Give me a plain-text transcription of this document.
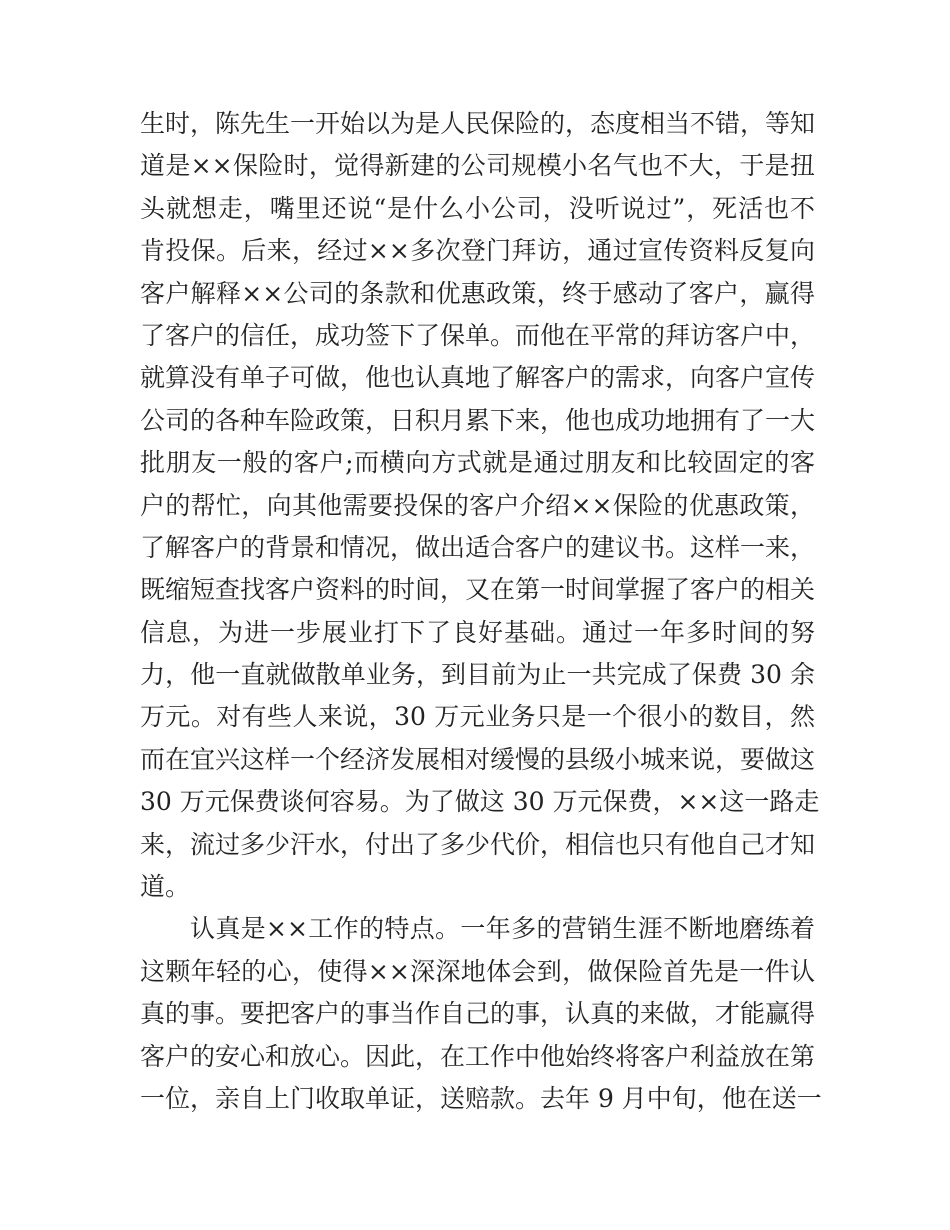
生时，陈先生一开始以为是人民保险的，态度相当不错，等知
道是××保险时，觉得新建的公司规模小名气也不大，于是扭
头就想走，嘴里还说“是什么小公司，没听说过”，死活也不
肯投保。后来，经过××多次登门拜访，通过宣传资料反复向
客户解释××公司的条款和优惠政策，终于感动了客户，赢得
了客户的信任，成功签下了保单。而他在平常的拜访客户中，
就算没有单子可做，他也认真地了解客户的需求，向客户宣传
公司的各种车险政策，日积月累下来，他也成功地拥有了一大
批朋友一般的客户;而横向方式就是通过朋友和比较固定的客
户的帮忙，向其他需要投保的客户介绍××保险的优惠政策，
了解客户的背景和情况，做出适合客户的建议书。这样一来，
既缩短查找客户资料的时间，又在第一时间掌握了客户的相关
信息，为进一步展业打下了良好基础。通过一年多时间的努
力，他一直就做散单业务，到目前为止一共完成了保费 30 余
万元。对有些人来说，30 万元业务只是一个很小的数目，然
而在宜兴这样一个经济发展相对缓慢的县级小城来说，要做这
30 万元保费谈何容易。为了做这 30 万元保费，××这一路走
来，流过多少汗水，付出了多少代价，相信也只有他自己才知
道。
认真是××工作的特点。一年多的营销生涯不断地磨练着
这颗年轻的心，使得××深深地体会到，做保险首先是一件认
真的事。要把客户的事当作自己的事，认真的来做，才能赢得
客户的安心和放心。因此，在工作中他始终将客户利益放在第
一位，亲自上门收取单证，送赔款。去年 9 月中旬，他在送一
